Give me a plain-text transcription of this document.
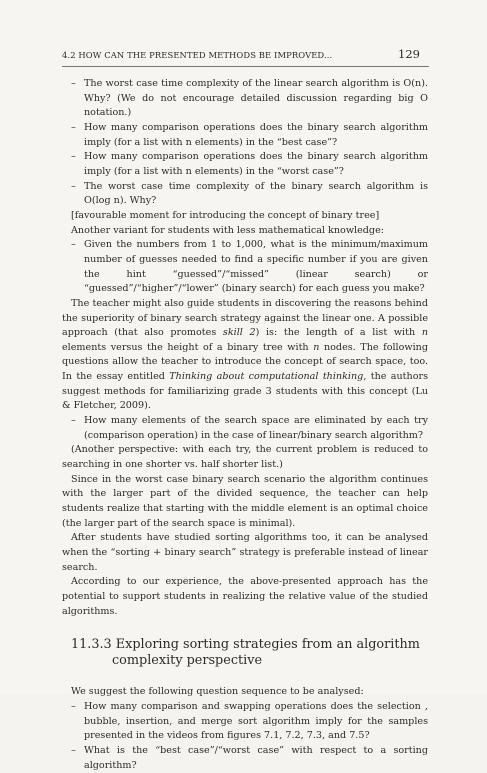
4.2 HOW CAN THE PRESENTED METHODS BE IMPROVED...	129

– The worst case time complexity of the linear search algorithm is O(n). Why? (We do not encourage detailed discussion regarding big O notation.)

– How many comparison operations does the binary search algorithm imply (for a list with n elements) in the “best case”?

– How many comparison operations does the binary search algorithm imply (for a list with n elements) in the “worst case”?

– The worst case time complexity of the binary search algorithm is O(log n). Why?

[favourable moment for introducing the concept of binary tree]

Another variant for students with less mathematical knowledge:

– Given the numbers from 1 to 1,000, what is the minimum/maximum number of guesses needed to find a specific number if you are given the hint “guessed”/“missed” (linear search) or “guessed”/“higher”/“lower” (binary search) for each guess you make?

The teacher might also guide students in discovering the reasons behind the superiority of binary search strategy against the linear one. A possible approach (that also promotes skill 2) is: the length of a list with n elements versus the height of a binary tree with n nodes. The following questions allow the teacher to introduce the concept of search space, too. In the essay entitled Thinking about computational thinking, the authors suggest methods for familiarizing grade 3 students with this concept (Lu & Fletcher, 2009).

– How many elements of the search space are eliminated by each try (comparison operation) in the case of linear/binary search algorithm?

(Another perspective: with each try, the current problem is reduced to searching in one shorter vs. half shorter list.)

Since in the worst case binary search scenario the algorithm continues with the larger part of the divided sequence, the teacher can help students realize that starting with the middle element is an optimal choice (the larger part of the search space is minimal).

After students have studied sorting algorithms too, it can be analysed when the “sorting + binary search” strategy is preferable instead of linear search.

According to our experience, the above-presented approach has the potential to support students in realizing the relative value of the studied algorithms.

11.3.3 Exploring sorting strategies from an algorithm complexity perspective

We suggest the following question sequence to be analysed:

– How many comparison and swapping operations does the selection , bubble, insertion, and merge sort algorithm imply for the samples presented in the videos from figures 7.1, 7.2, 7.3, and 7.5?

– What is the “best case”/“worst case” with respect to a sorting algorithm?
